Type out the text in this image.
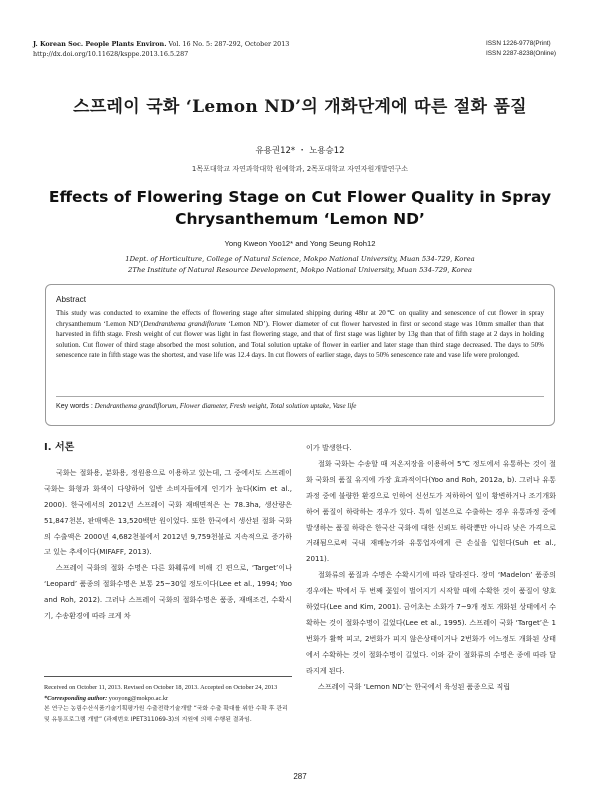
J. Korean Soc. People Plants Environ. Vol. 16 No. 5: 287-292, October 2013
http://dx.doi.org/10.11628/ksppe.2013.16.5.287
ISSN 1226-9778(Print)
ISSN 2287-8238(Online)
스프레이 국화 ‘Lemon ND’의 개화단계에 따른 절화 품질
유용권12* ・ 노용승12
1목포대학교 자연과학대학 원예학과, 2목포대학교 자연자원개발연구소
Effects of Flowering Stage on Cut Flower Quality in Spray
Chrysanthemum ‘Lemon ND’
Yong Kweon Yoo12* and Yong Seung Roh12
1Dept. of Horticulture, College of Natural Science, Mokpo National University, Muan 534-729, Korea
2The Institute of Natural Resource Development, Mokpo National University, Muan 534-729, Korea
Abstract
This study was conducted to examine the effects of flowering stage after simulated shipping during 48hr at 20℃ on quality and senescence of cut flower in spray chrysanthemum ‘Lemon ND’(Dendranthema grandiflorum ‘Lemon ND’). Flower diameter of cut flower harvested in first or second stage was 10mm smaller than that harvested in fifth stage. Fresh weight of cut flower was light in fast flowering stage, and that of first stage was lighter by 13g than that of fifth stage at 2 days in holding solution. Cut flower of third stage absorbed the most solution, and Total solution uptake of flower in earlier and later stage than third stage decreased. The days to 50% senescence rate in fifth stage was the shortest, and vase life was 12.4 days. In cut flowers of earlier stage, days to 50% senescence rate and vase life were prolonged.
Key words : Dendranthema grandiflorum, Flower diameter, Fresh weight, Total solution uptake, Vase life
Ⅰ. 서론

국화는 절화용, 분화용, 정원용으로 이용하고 있는데, 그 중에서도 스프레이 국화는 화형과 화색이 다양하여 일반 소비자들에게 인기가 높다(Kim et al., 2000). 한국에서의 2012년 스프레이 국화 재배면적은 는 78.3ha, 생산량은 51,847천본, 판매액은 13,520백만 원이었다. 또한 한국에서 생산된 절화 국화의 수출액은 2000년 4,682천불에서 2012년 9,759천불로 지속적으로 증가하고 있는 추세이다(MIFAFF, 2013).

스프레이 국화의 절화 수명은 다른 화훼류에 비해 긴 편으로, ‘Target’이나 ‘Leopard’ 품종의 절화수명은 보통 25~30일 정도이다(Lee et al., 1994; Yoo and Roh, 2012). 그러나 스프레이 국화의 절화수명은 품종, 재배조건, 수확시기, 수송환경에 따라 크게 차

이가 발생한다.

절화 국화는 수송할 때 저온저장을 이용하여 5℃ 정도에서 유통하는 것이 절화 국화의 품질 유지에 가장 효과적이다(Yoo and Roh, 2012a, b). 그러나 유통과정 중에 불량한 환경으로 인하여 신선도가 저하하여 잎이 황변하거나 조기개화하여 품질이 하락하는 경우가 있다. 특히 일본으로 수출하는 경우 유통과정 중에 발생하는 품질 하락은 한국산 국화에 대한 신뢰도 하락뿐만 아니라 낮은 가격으로 거래됨으로써 국내 재배농가와 유통업자에게 큰 손실을 입힌다(Suh et al., 2011).

절화류의 품질과 수명은 수확시기에 따라 달라진다. 장미 ‘Madelon’ 품종의 경우에는 박에서 두 번째 꽃잎이 벌어지기 시작할 때에 수확한 것이 품질이 양호하였다(Lee and Kim, 2001). 금어초는 소화가 7~9개 정도 개화된 상태에서 수확하는 것이 절화수명이 길었다(Lee et al., 1995). 스프레이 국화 ‘Target’은 1번화가 활짝 피고, 2번화가 피지 않은상태이거나 2번화가 어느정도 개화된 상태에서 수확하는 것이 절화수명이 길었다. 이와 같이 절화류의 수명은 종에 따라 달라지게 된다.

스프레이 국화 ‘Lemon ND’는 한국에서 육성된 품종으로 직립

Received on October 11, 2013. Revised on October 18, 2013. Accepted on October 24, 2013
*Corresponding author: yooyong@mokpo.ac.kr
본 연구는 농림수산식품기술기획평가원 수출전략기술개발 “국화 수출 확대를 위한 수확 후 관리 및 유통프로그램 개발” (과제번호 IPET311069-3)의 지원에 의해 수행된 결과임.
287
